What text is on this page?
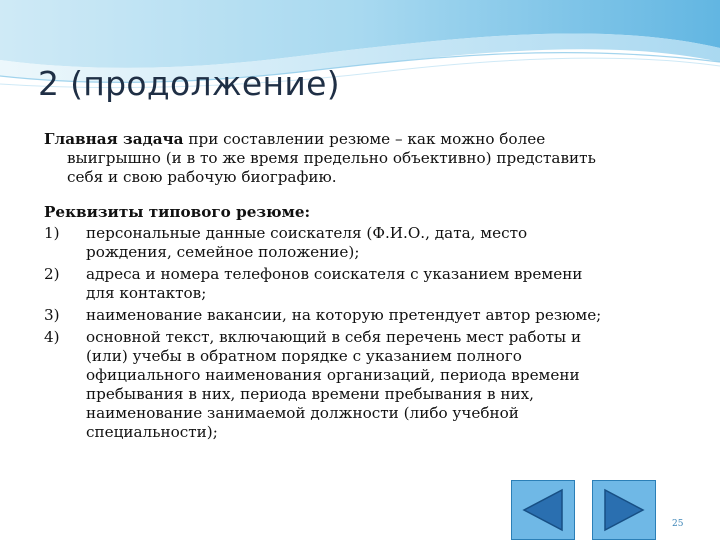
2 (продолжение)

Главная задача при составлении резюме – как можно более

выигрышно (и в то же время предельно объективно) представить

себя и свою рабочую биографию.

Реквизиты типового резюме:

1) персональные данные соискателя (Ф.И.О., дата, место
рождения, семейное положение);
2) адреса и номера телефонов соискателя с указанием времени
для контактов;
3) наименование вакансии, на которую претендует автор резюме;
4) основной текст, включающий в себя перечень мест работы и
(или) учебы в обратном порядке с указанием полного
официального наименования организаций, периода времени
пребывания в них, периода времени пребывания в них,
наименование занимаемой должности (либо учебной
специальности);
25
